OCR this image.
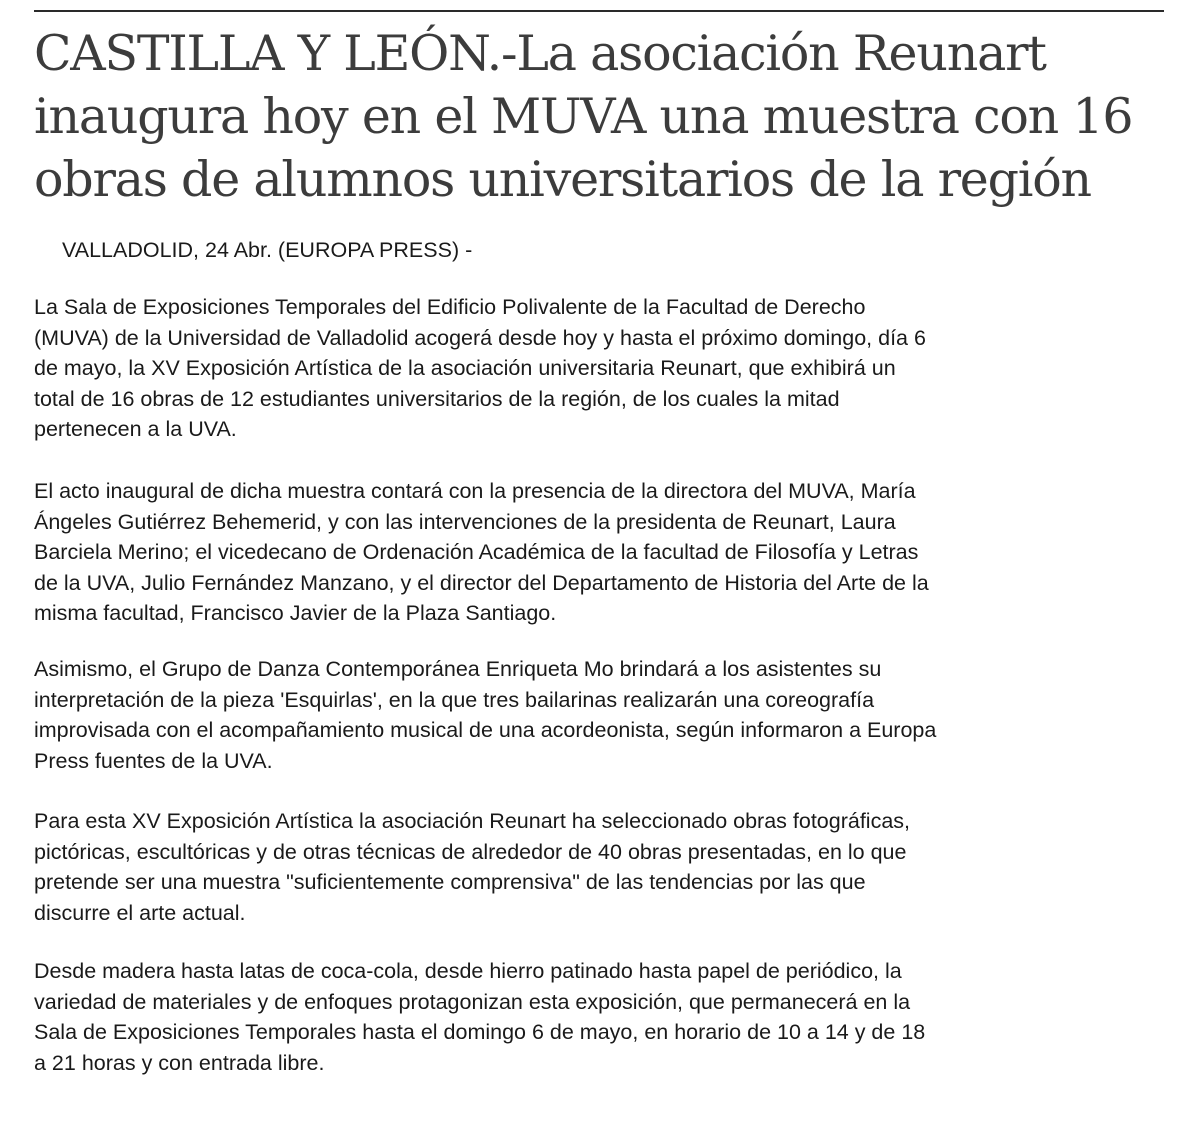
CASTILLA Y LEÓN.-La asociación Reunart
inaugura hoy en el MUVA una muestra con 16
obras de alumnos universitarios de la región

VALLADOLID, 24 Abr. (EUROPA PRESS) -

La Sala de Exposiciones Temporales del Edificio Polivalente de la Facultad de Derecho
(MUVA) de la Universidad de Valladolid acogerá desde hoy y hasta el próximo domingo, día 6
de mayo, la XV Exposición Artística de la asociación universitaria Reunart, que exhibirá un
total de 16 obras de 12 estudiantes universitarios de la región, de los cuales la mitad
pertenecen a la UVA.

El acto inaugural de dicha muestra contará con la presencia de la directora del MUVA, María
Ángeles Gutiérrez Behemerid, y con las intervenciones de la presidenta de Reunart, Laura
Barciela Merino; el vicedecano de Ordenación Académica de la facultad de Filosofía y Letras
de la UVA, Julio Fernández Manzano, y el director del Departamento de Historia del Arte de la
misma facultad, Francisco Javier de la Plaza Santiago.

Asimismo, el Grupo de Danza Contemporánea Enriqueta Mo brindará a los asistentes su
interpretación de la pieza 'Esquirlas', en la que tres bailarinas realizarán una coreografía
improvisada con el acompañamiento musical de una acordeonista, según informaron a Europa
Press fuentes de la UVA.

Para esta XV Exposición Artística la asociación Reunart ha seleccionado obras fotográficas,
pictóricas, escultóricas y de otras técnicas de alrededor de 40 obras presentadas, en lo que
pretende ser una muestra "suficientemente comprensiva" de las tendencias por las que
discurre el arte actual.

Desde madera hasta latas de coca-cola, desde hierro patinado hasta papel de periódico, la
variedad de materiales y de enfoques protagonizan esta exposición, que permanecerá en la
Sala de Exposiciones Temporales hasta el domingo 6 de mayo, en horario de 10 a 14 y de 18
a 21 horas y con entrada libre.
